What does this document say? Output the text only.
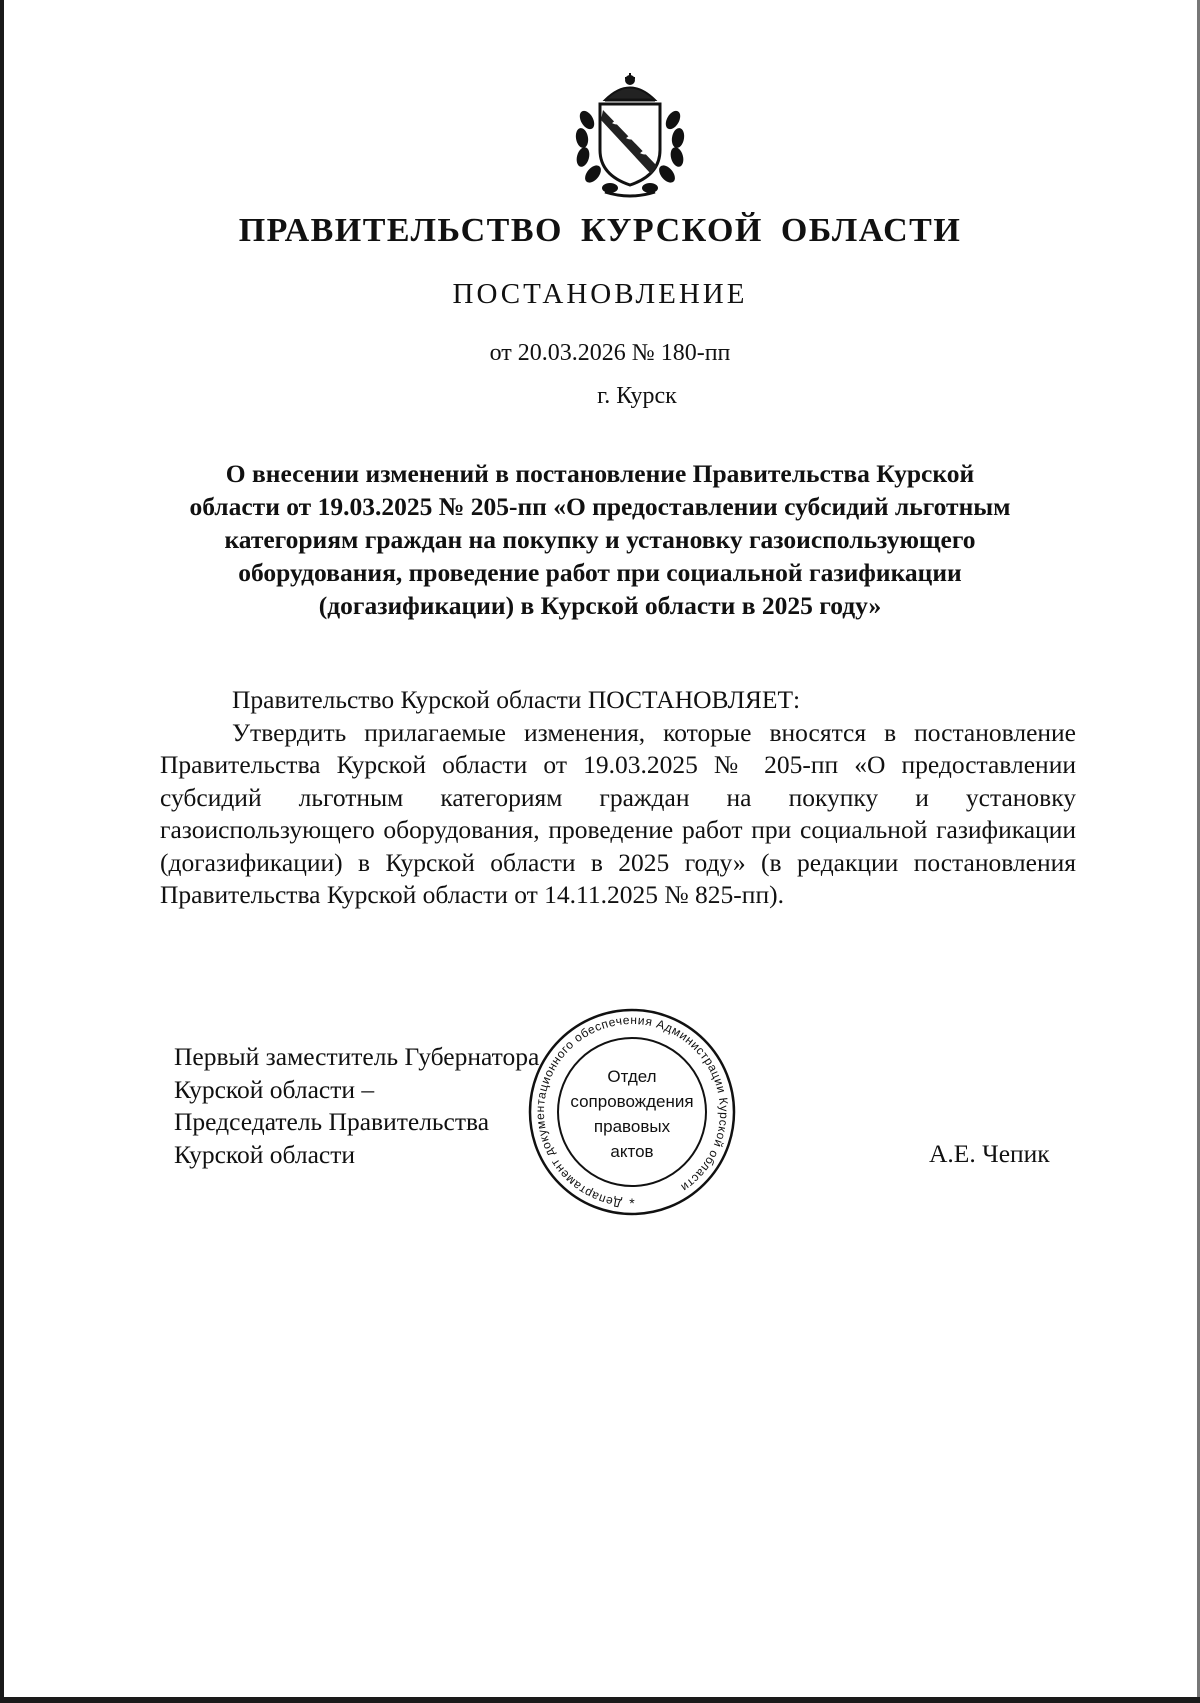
ПРАВИТЕЛЬСТВО КУРСКОЙ ОБЛАСТИ
ПОСТАНОВЛЕНИЕ
от 20.03.2026 № 180-пп
г. Курск
О внесении изменений в постановление Правительства Курской
области от 19.03.2025 № 205-пп «О предоставлении субсидий льготным
категориям граждан на покупку и установку газоиспользующего
оборудования, проведение работ при социальной газификации
(догазификации) в Курской области в 2025 году»

Правительство Курской области ПОСТАНОВЛЯЕТ:

Утвердить прилагаемые изменения, которые вносятся в постановление Правительства Курской области от 19.03.2025 № 205-пп «О предоставлении субсидий льготным категориям граждан на покупку и установку газоиспользующего оборудования, проведение работ при социальной газификации (догазификации) в Курской области в 2025 году» (в редакции постановления Правительства Курской области от 14.11.2025 № 825-пп).

Первый заместитель Губернатора
Курской области –
Председатель Правительства
Курской области	А.Е. Чепик
Департамент документационного обеспечения Администрации Курской области
*
Отдел
сопровождения
правовых
актов
